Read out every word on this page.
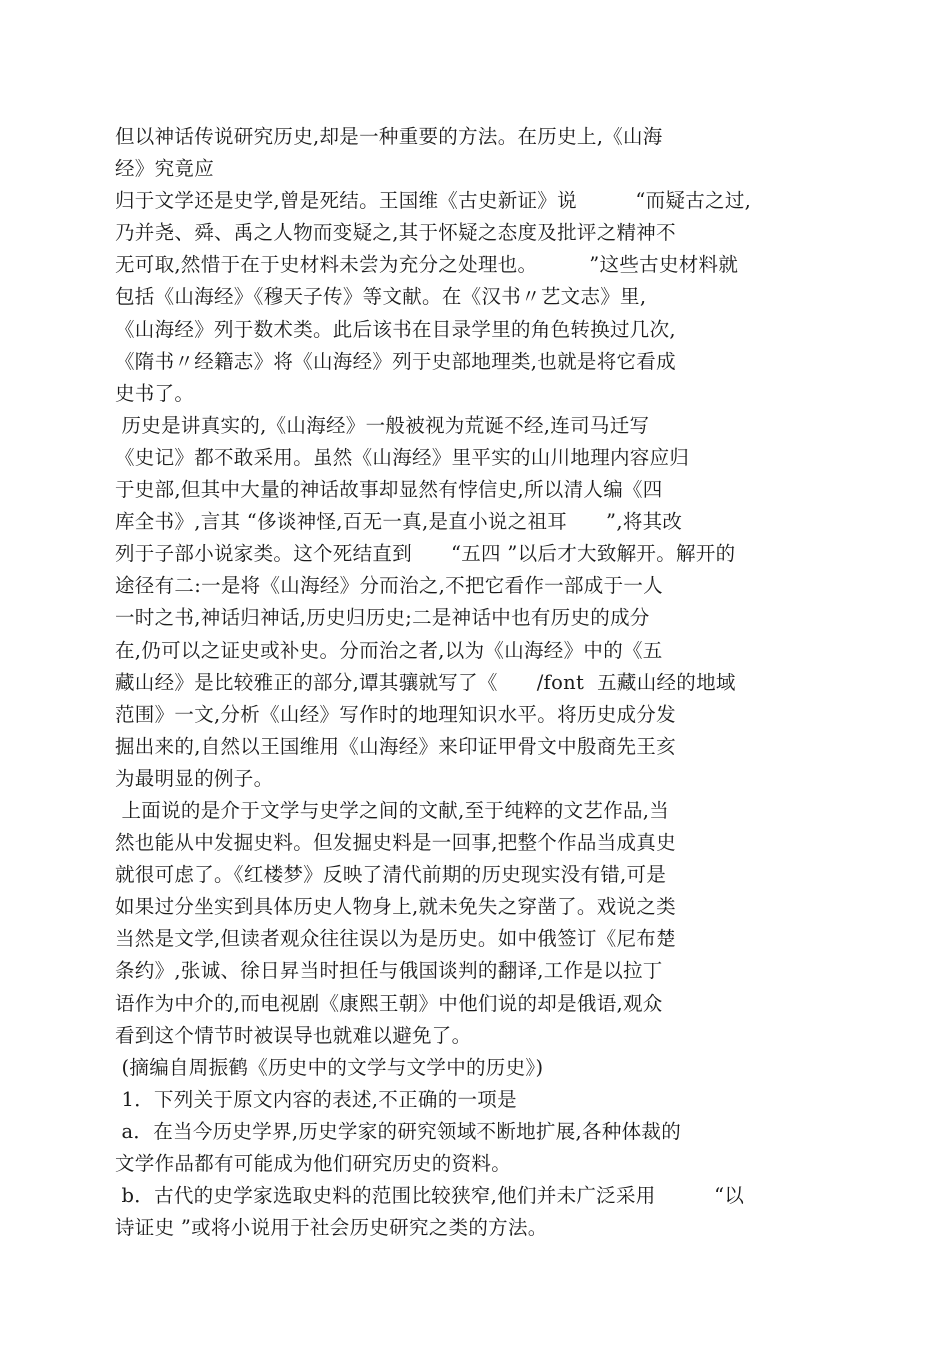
但以神话传说研究历史,却是一种重要的方法。在历史上,《山海
经》究竟应
归于文学还是史学,曾是死结。王国维《古史新证》说         “而疑古之过,
乃并尧、舜、禹之人物而变疑之,其于怀疑之态度及批评之精神不
无可取,然惜于在于史材料未尝为充分之处理也。        ”这些古史材料就
包括《山海经》《穆天子传》等文献。在《汉书〃艺文志》里,
《山海经》列于数术类。此后该书在目录学里的角色转换过几次,
《隋书〃经籍志》将《山海经》列于史部地理类,也就是将它看成
史书了。
历史是讲真实的,《山海经》一般被视为荒诞不经,连司马迁写
《史记》都不敢采用。虽然《山海经》里平实的山川地理内容应归
于史部,但其中大量的神话故事却显然有悖信史,所以清人编《四
库全书》,言其 “侈谈神怪,百无一真,是直小说之祖耳      ”,将其改
列于子部小说家类。这个死结直到      “五四 ”以后才大致解开。解开的
途径有二:一是将《山海经》分而治之,不把它看作一部成于一人
一时之书,神话归神话,历史归历史;二是神话中也有历史的成分
在,仍可以之证史或补史。分而治之者,以为《山海经》中的《五
藏山经》是比较雅正的部分,谭其骧就写了《      /font  五藏山经的地域
范围》一文,分析《山经》写作时的地理知识水平。将历史成分发
掘出来的,自然以王国维用《山海经》来印证甲骨文中殷商先王亥
为最明显的例子。
上面说的是介于文学与史学之间的文献,至于纯粹的文艺作品,当
然也能从中发掘史料。但发掘史料是一回事,把整个作品当成真史
就很可虑了。《红楼梦》反映了清代前期的历史现实没有错,可是
如果过分坐实到具体历史人物身上,就未免失之穿凿了。戏说之类
当然是文学,但读者观众往往误以为是历史。如中俄签订《尼布楚
条约》,张诚、徐日昇当时担任与俄国谈判的翻译,工作是以拉丁
语作为中介的,而电视剧《康熙王朝》中他们说的却是俄语,观众
看到这个情节时被误导也就难以避免了。
(摘编自周振鹤《历史中的文学与文学中的历史》)
1．下列关于原文内容的表述,不正确的一项是
a．在当今历史学界,历史学家的研究领域不断地扩展,各种体裁的
文学作品都有可能成为他们研究历史的资料。
b．古代的史学家选取史料的范围比较狭窄,他们并未广泛采用         “以
诗证史 ”或将小说用于社会历史研究之类的方法。
